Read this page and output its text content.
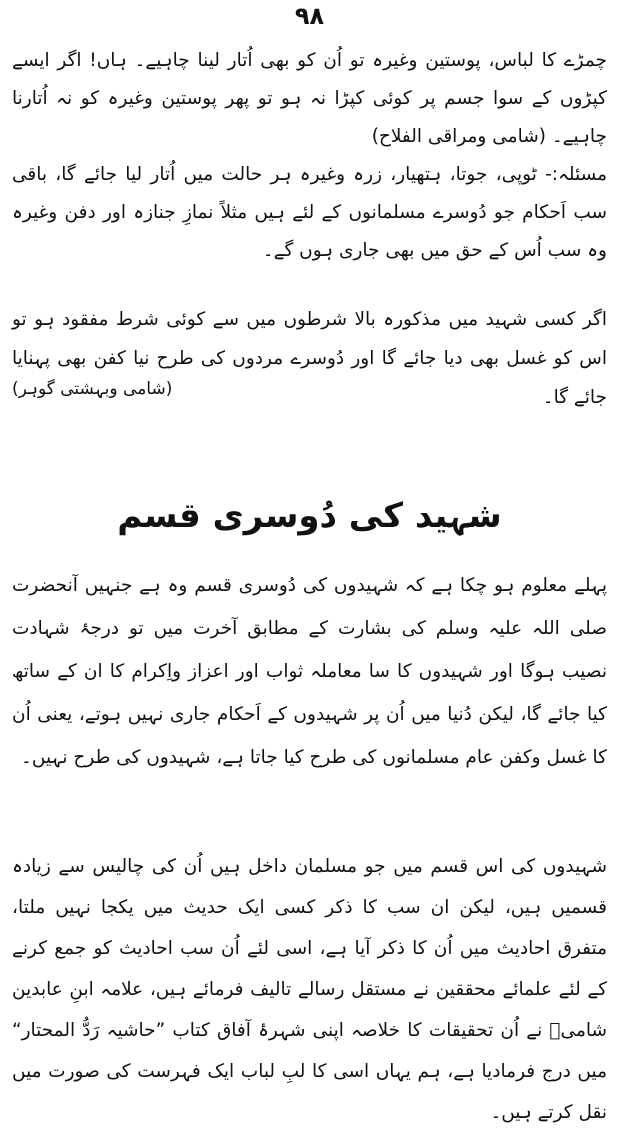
۹۸

چمڑے کا لباس، پوستین وغیرہ تو اُن کو بھی اُتار لینا چاہیے۔ ہاں! اگر ایسے کپڑوں کے سوا جسم پر کوئی کپڑا نہ ہو تو پھر پوستین وغیرہ کو نہ اُتارنا چاہیے۔ (شامی ومراقی الفلاح)

مسئلہ:- ٹوپی، جوتا، ہتھیار، زرہ وغیرہ ہر حالت میں اُتار لیا جائے گا، باقی سب اَحکام جو دُوسرے مسلمانوں کے لئے ہیں مثلاً نمازِ جنازہ اور دفن وغیرہ وہ سب اُس کے حق میں بھی جاری ہوں گے۔

اگر کسی شہید میں مذکورہ بالا شرطوں میں سے کوئی شرط مفقود ہو تو اس کو غسل بھی دیا جائے گا اور دُوسرے مردوں کی طرح نیا کفن بھی پہنایا جائے گا۔

(شامی وبہشتی گوہر)
شہید کی دُوسری قسم

پہلے معلوم ہو چکا ہے کہ شہیدوں کی دُوسری قسم وہ ہے جنہیں آنحضرت صلی اللہ علیہ وسلم کی بشارت کے مطابق آخرت میں تو درجۂ شہادت نصیب ہوگا اور شہیدوں کا سا معاملہ ثواب اور اعزاز واِکرام کا ان کے ساتھ کیا جائے گا، لیکن دُنیا میں اُن پر شہیدوں کے اَحکام جاری نہیں ہوتے، یعنی اُن کا غسل وکفن عام مسلمانوں کی طرح کیا جاتا ہے، شہیدوں کی طرح نہیں۔

شہیدوں کی اس قسم میں جو مسلمان داخل ہیں اُن کی چالیس سے زیادہ قسمیں ہیں، لیکن ان سب کا ذکر کسی ایک حدیث میں یکجا نہیں ملتا، متفرق احادیث میں اُن کا ذکر آیا ہے، اسی لئے اُن سب احادیث کو جمع کرنے کے لئے علمائے محققین نے مستقل رسالے تالیف فرمائے ہیں، علامہ ابنِ عابدین شامیؒ نے اُن تحقیقات کا خلاصہ اپنی شہرۂ آفاق کتاب ”حاشیہ رَدُّ المحتار“ میں درج فرمادیا ہے، ہم یہاں اسی کا لبِ لباب ایک فہرست کی صورت میں نقل کرتے ہیں۔
